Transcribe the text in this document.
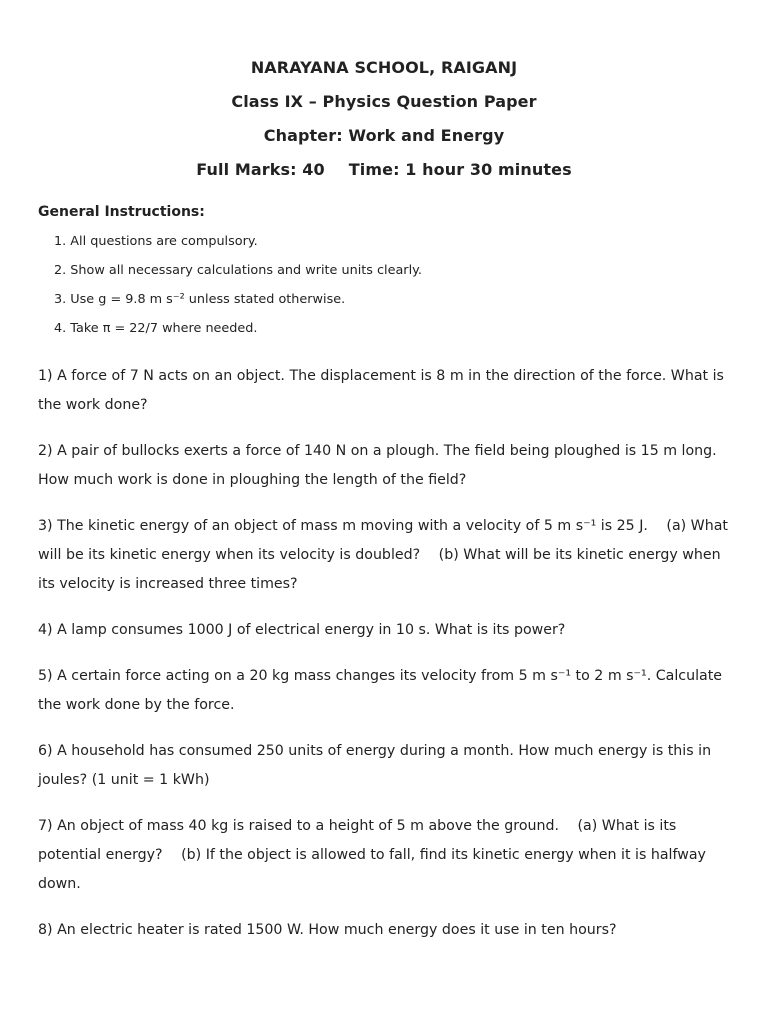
NARAYANA SCHOOL, RAIGANJ
Class IX – Physics Question Paper
Chapter: Work and Energy
Full Marks: 40 Time: 1 hour 30 minutes
General Instructions:
1. All questions are compulsory.
2. Show all necessary calculations and write units clearly.
3. Use g = 9.8 m s⁻² unless stated otherwise.
4. Take π = 22/7 where needed.

1) A force of 7 N acts on an object. The displacement is 8 m in the direction of the force. What is the work done?

2) A pair of bullocks exerts a force of 140 N on a plough. The field being ploughed is 15 m long. How much work is done in ploughing the length of the field?

3) The kinetic energy of an object of mass m moving with a velocity of 5 m s⁻¹ is 25 J. (a) What will be its kinetic energy when its velocity is doubled? (b) What will be its kinetic energy when its velocity is increased three times?

4) A lamp consumes 1000 J of electrical energy in 10 s. What is its power?

5) A certain force acting on a 20 kg mass changes its velocity from 5 m s⁻¹ to 2 m s⁻¹. Calculate the work done by the force.

6) A household has consumed 250 units of energy during a month. How much energy is this in joules? (1 unit = 1 kWh)

7) An object of mass 40 kg is raised to a height of 5 m above the ground. (a) What is its potential energy? (b) If the object is allowed to fall, find its kinetic energy when it is halfway down.

8) An electric heater is rated 1500 W. How much energy does it use in ten hours?
